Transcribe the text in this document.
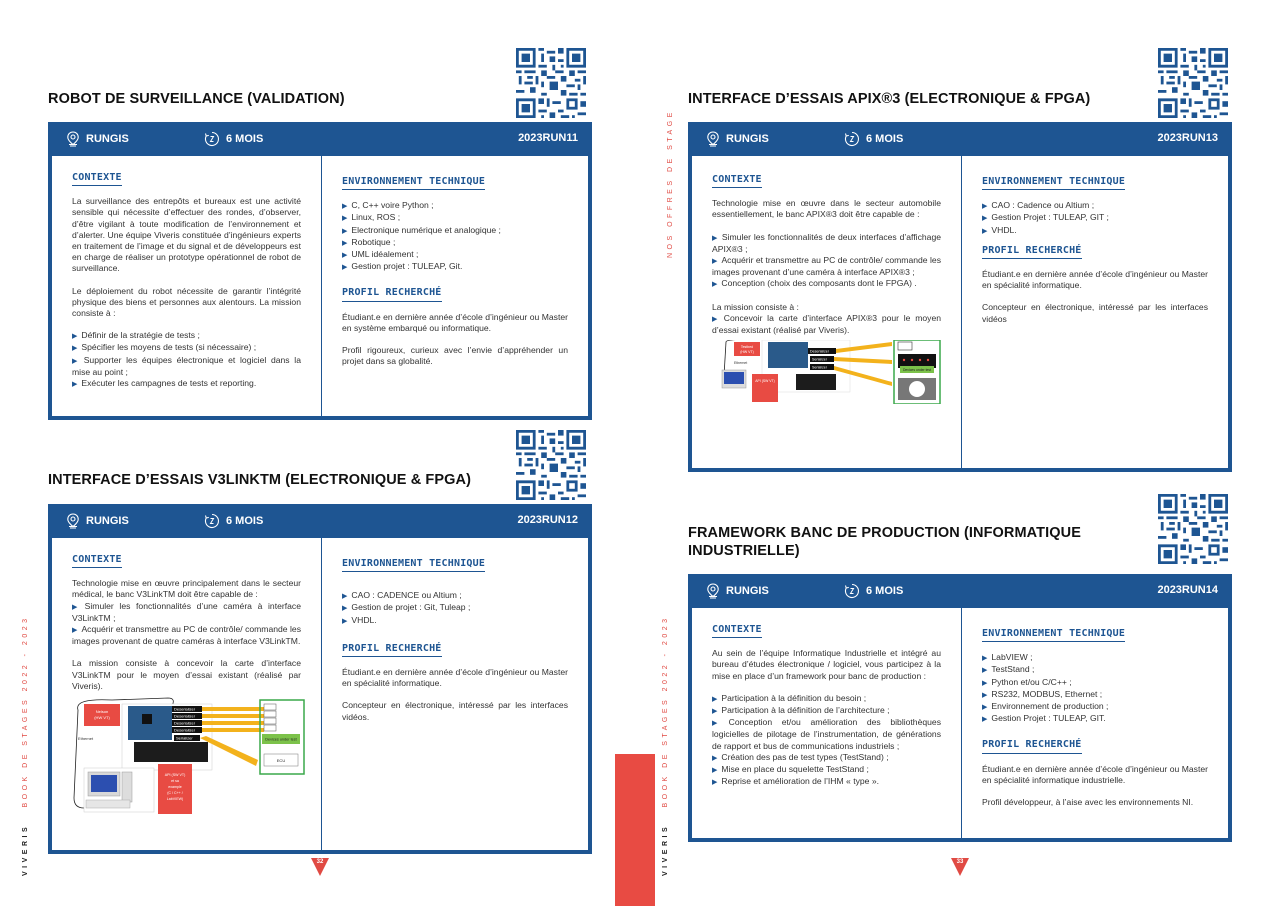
ROBOT DE SURVEILLANCE (VALIDATION)
RUNGIS	6 MOIS	2023RUN11
CONTEXTE
La surveillance des entrepôts et bureaux est une activité sensible qui nécessite d’effectuer des rondes, d’observer, d’être vigilant à toute modification de l’environnement et d’alerter. Une équipe Viveris constituée d’ingénieurs experts en traitement de l’image et du signal et de développeurs est en charge de réaliser un prototype opérationnel de robot de surveillance.
Le déploiement du robot nécessite de garantir l’intégrité physique des biens et personnes aux alentours. La mission consiste à :
▶ Définir de la stratégie de tests ;
▶ Spécifier les moyens de tests (si nécessaire) ;
▶ Supporter les équipes électronique et logiciel dans la mise au point ;
▶ Exécuter les campagnes de tests et reporting.
ENVIRONNEMENT TECHNIQUE
▶ C, C++ voire Python ;
▶ Linux, ROS ;
▶ Electronique numérique et analogique ;
▶ Robotique ;
▶ UML idéalement ;
▶ Gestion projet : TULEAP, Git.
PROFIL RECHERCHÉ
Étudiant.e en dernière année d’école d’ingénieur ou Master en système embarqué ou informatique.
Profil rigoureux, curieux avec l’envie d’appréhender un projet dans sa globalité.
INTERFACE D’ESSAIS V3LINKTM (ELECTRONIQUE & FPGA)
RUNGIS	6 MOIS	2023RUN12
CONTEXTE
Technologie mise en œuvre principalement dans le secteur médical, le banc V3LinkTM doit être capable de :
▶ Simuler les fonctionnalités d’une caméra à interface V3LinkTM ;
▶ Acquérir et transmettre au PC de contrôle/ commande les images provenant de quatre caméras à interface V3LinkTM.
La mission consiste à concevoir la carte d’interface V3LinkTM pour le moyen d’essai existant (réalisé par Viveris).
Nelson
(HW VT)
Ethernet
Deserializer
Deserializer
Deserializer
Deserializer
Serializer	Devices under test
ECU
API (SW VT)
et sa
example
(C / C++ /
LabVIEW)
ENVIRONNEMENT TECHNIQUE
▶ CAO : CADENCE ou Altium ;
▶ Gestion de projet : Git, Tuleap ;
▶ VHDL.
PROFIL RECHERCHÉ
Étudiant.e en dernière année d’école d’ingénieur ou Master en spécialité informatique.
Concepteur en électronique, intéressé par les interfaces vidéos.
VIVERIS   BOOK DE STAGES 2022 - 2023
32
NOS OFFRES DE STAGE
INTERFACE D’ESSAIS APIX®3 (ELECTRONIQUE & FPGA)
RUNGIS	6 MOIS	2023RUN13
CONTEXTE
Technologie mise en œuvre dans le secteur automobile essentiellement, le banc APIX®3 doit être capable de :
▶ Simuler les fonctionnalités de deux interfaces d’affichage APIX®3 ;
▶ Acquérir et transmettre au PC de contrôle/ commande les images provenant d’une caméra à interface APIX®3 ;
▶ Conception (choix des composants dont le FPGA) .
La mission consiste à :
▶ Concevoir la carte d’interface APIX®3 pour le moyen d’essai existant (réalisé par Viveris).
Testbed
(HW VT)
Ethernet
Deserializer
Serializer
Serializer
API (SW VT)
Devices under test
ENVIRONNEMENT TECHNIQUE
▶ CAO : Cadence ou Altium ;
▶ Gestion Projet : TULEAP, GIT ;
▶ VHDL.
PROFIL RECHERCHÉ
Étudiant.e en dernière année d’école d’ingénieur ou Master en spécialité informatique.
Concepteur en électronique, intéressé par les interfaces vidéos
FRAMEWORK BANC DE PRODUCTION (INFORMATIQUE INDUSTRIELLE)
RUNGIS	6 MOIS	2023RUN14
CONTEXTE
Au sein de l’équipe Informatique Industrielle et intégré au bureau d’études électronique / logiciel, vous participez à la mise en place d’un framework pour banc de production :
▶ Participation à la définition du besoin ;
▶ Participation à la définition de l’architecture ;
▶ Conception et/ou amélioration des bibliothèques logicielles de pilotage de l’instrumentation, de générations de rapport et bus de communications industriels ;
▶ Création des pas de test types (TestStand) ;
▶ Mise en place du squelette TestStand ;
▶ Reprise et amélioration de l’IHM « type ».
ENVIRONNEMENT TECHNIQUE
▶ LabVIEW ;
▶ TestStand ;
▶ Python et/ou C/C++ ;
▶ RS232, MODBUS, Ethernet ;
▶ Environnement de production ;
▶ Gestion Projet : TULEAP, GIT.
PROFIL RECHERCHÉ
Étudiant.e en dernière année d’école d’ingénieur ou Master en spécialité informatique industrielle.
Profil développeur, à l’aise avec les environnements NI.
VIVERIS   BOOK DE STAGES 2022 - 2023
33
